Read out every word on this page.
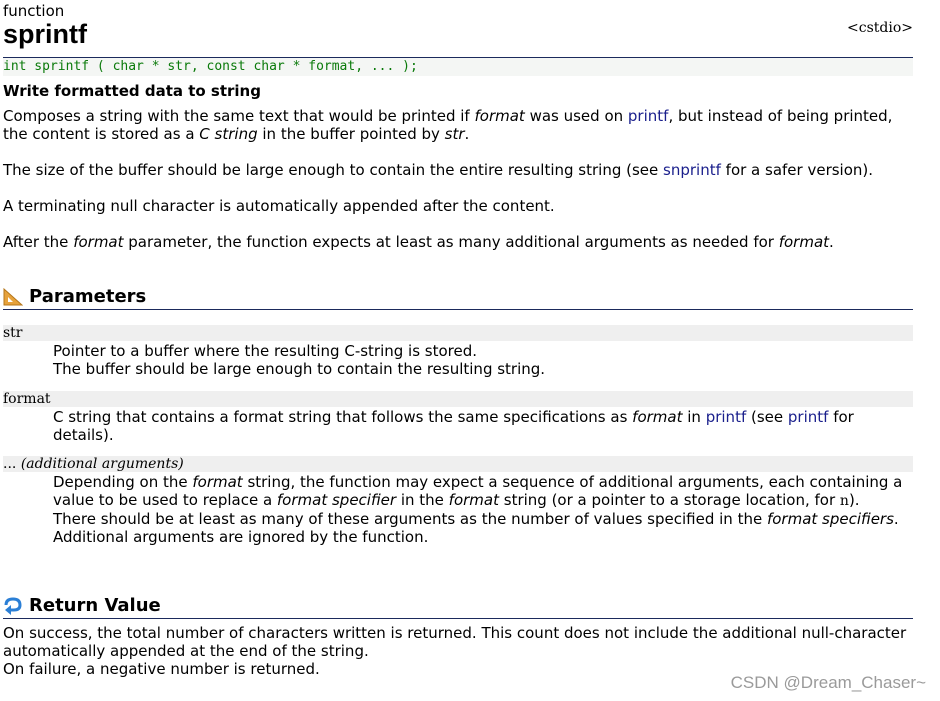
function
sprintf	<cstdio>
int sprintf ( char * str, const char * format, ... );
Write formatted data to string

Composes a string with the same text that would be printed if format was used on printf, but instead of being printed, the content is stored as a C string in the buffer pointed by str.

The size of the buffer should be large enough to contain the entire resulting string (see snprintf for a safer version).

A terminating null character is automatically appended after the content.

After the format parameter, the function expects at least as many additional arguments as needed for format.

Parameters
str

Pointer to a buffer where the resulting C-string is stored.
The buffer should be large enough to contain the resulting string.

format

C string that contains a format string that follows the same specifications as format in printf (see printf for details).

... (additional arguments)

Depending on the format string, the function may expect a sequence of additional arguments, each containing a value to be used to replace a format specifier in the format string (or a pointer to a storage location, for n).
There should be at least as many of these arguments as the number of values specified in the format specifiers.
Additional arguments are ignored by the function.

Return Value

On success, the total number of characters written is returned. This count does not include the additional null-character automatically appended at the end of the string.
On failure, a negative number is returned.

CSDN @Dream_Chaser~
